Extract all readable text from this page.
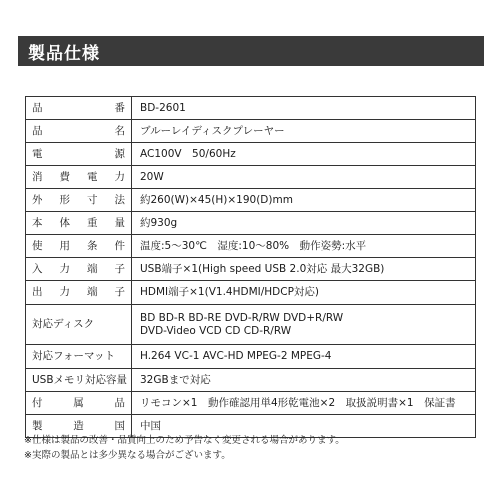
製品仕様
品番	BD-2601

品名	ブルーレイディスクプレーヤー

電源	AC100V　50/60Hz

消費電力	20W

外形寸法	約260(W)×45(H)×190(D)mm

本体重量	約930g

使用条件	温度:5〜30℃　湿度:10〜80%　動作姿勢:水平

入力端子	USB端子×1(High speed USB 2.0対応 最大32GB)

出力端子	HDMI端子×1(V1.4HDMI/HDCP対応)

対応ディスク	BD BD-R BD-RE DVD-R/RW DVD+R/RW
DVD-Video VCD CD CD-R/RW

対応フォーマット	H.264 VC-1 AVC-HD MPEG-2 MPEG-4

USBメモリ対応容量	32GBまで対応

付属品	リモコン×1　動作確認用単4形乾電池×2　取扱説明書×1　保証書

製造国	中国
※仕様は製品の改善・品質向上のため予告なく変更される場合があります。
※実際の製品とは多少異なる場合がございます。
